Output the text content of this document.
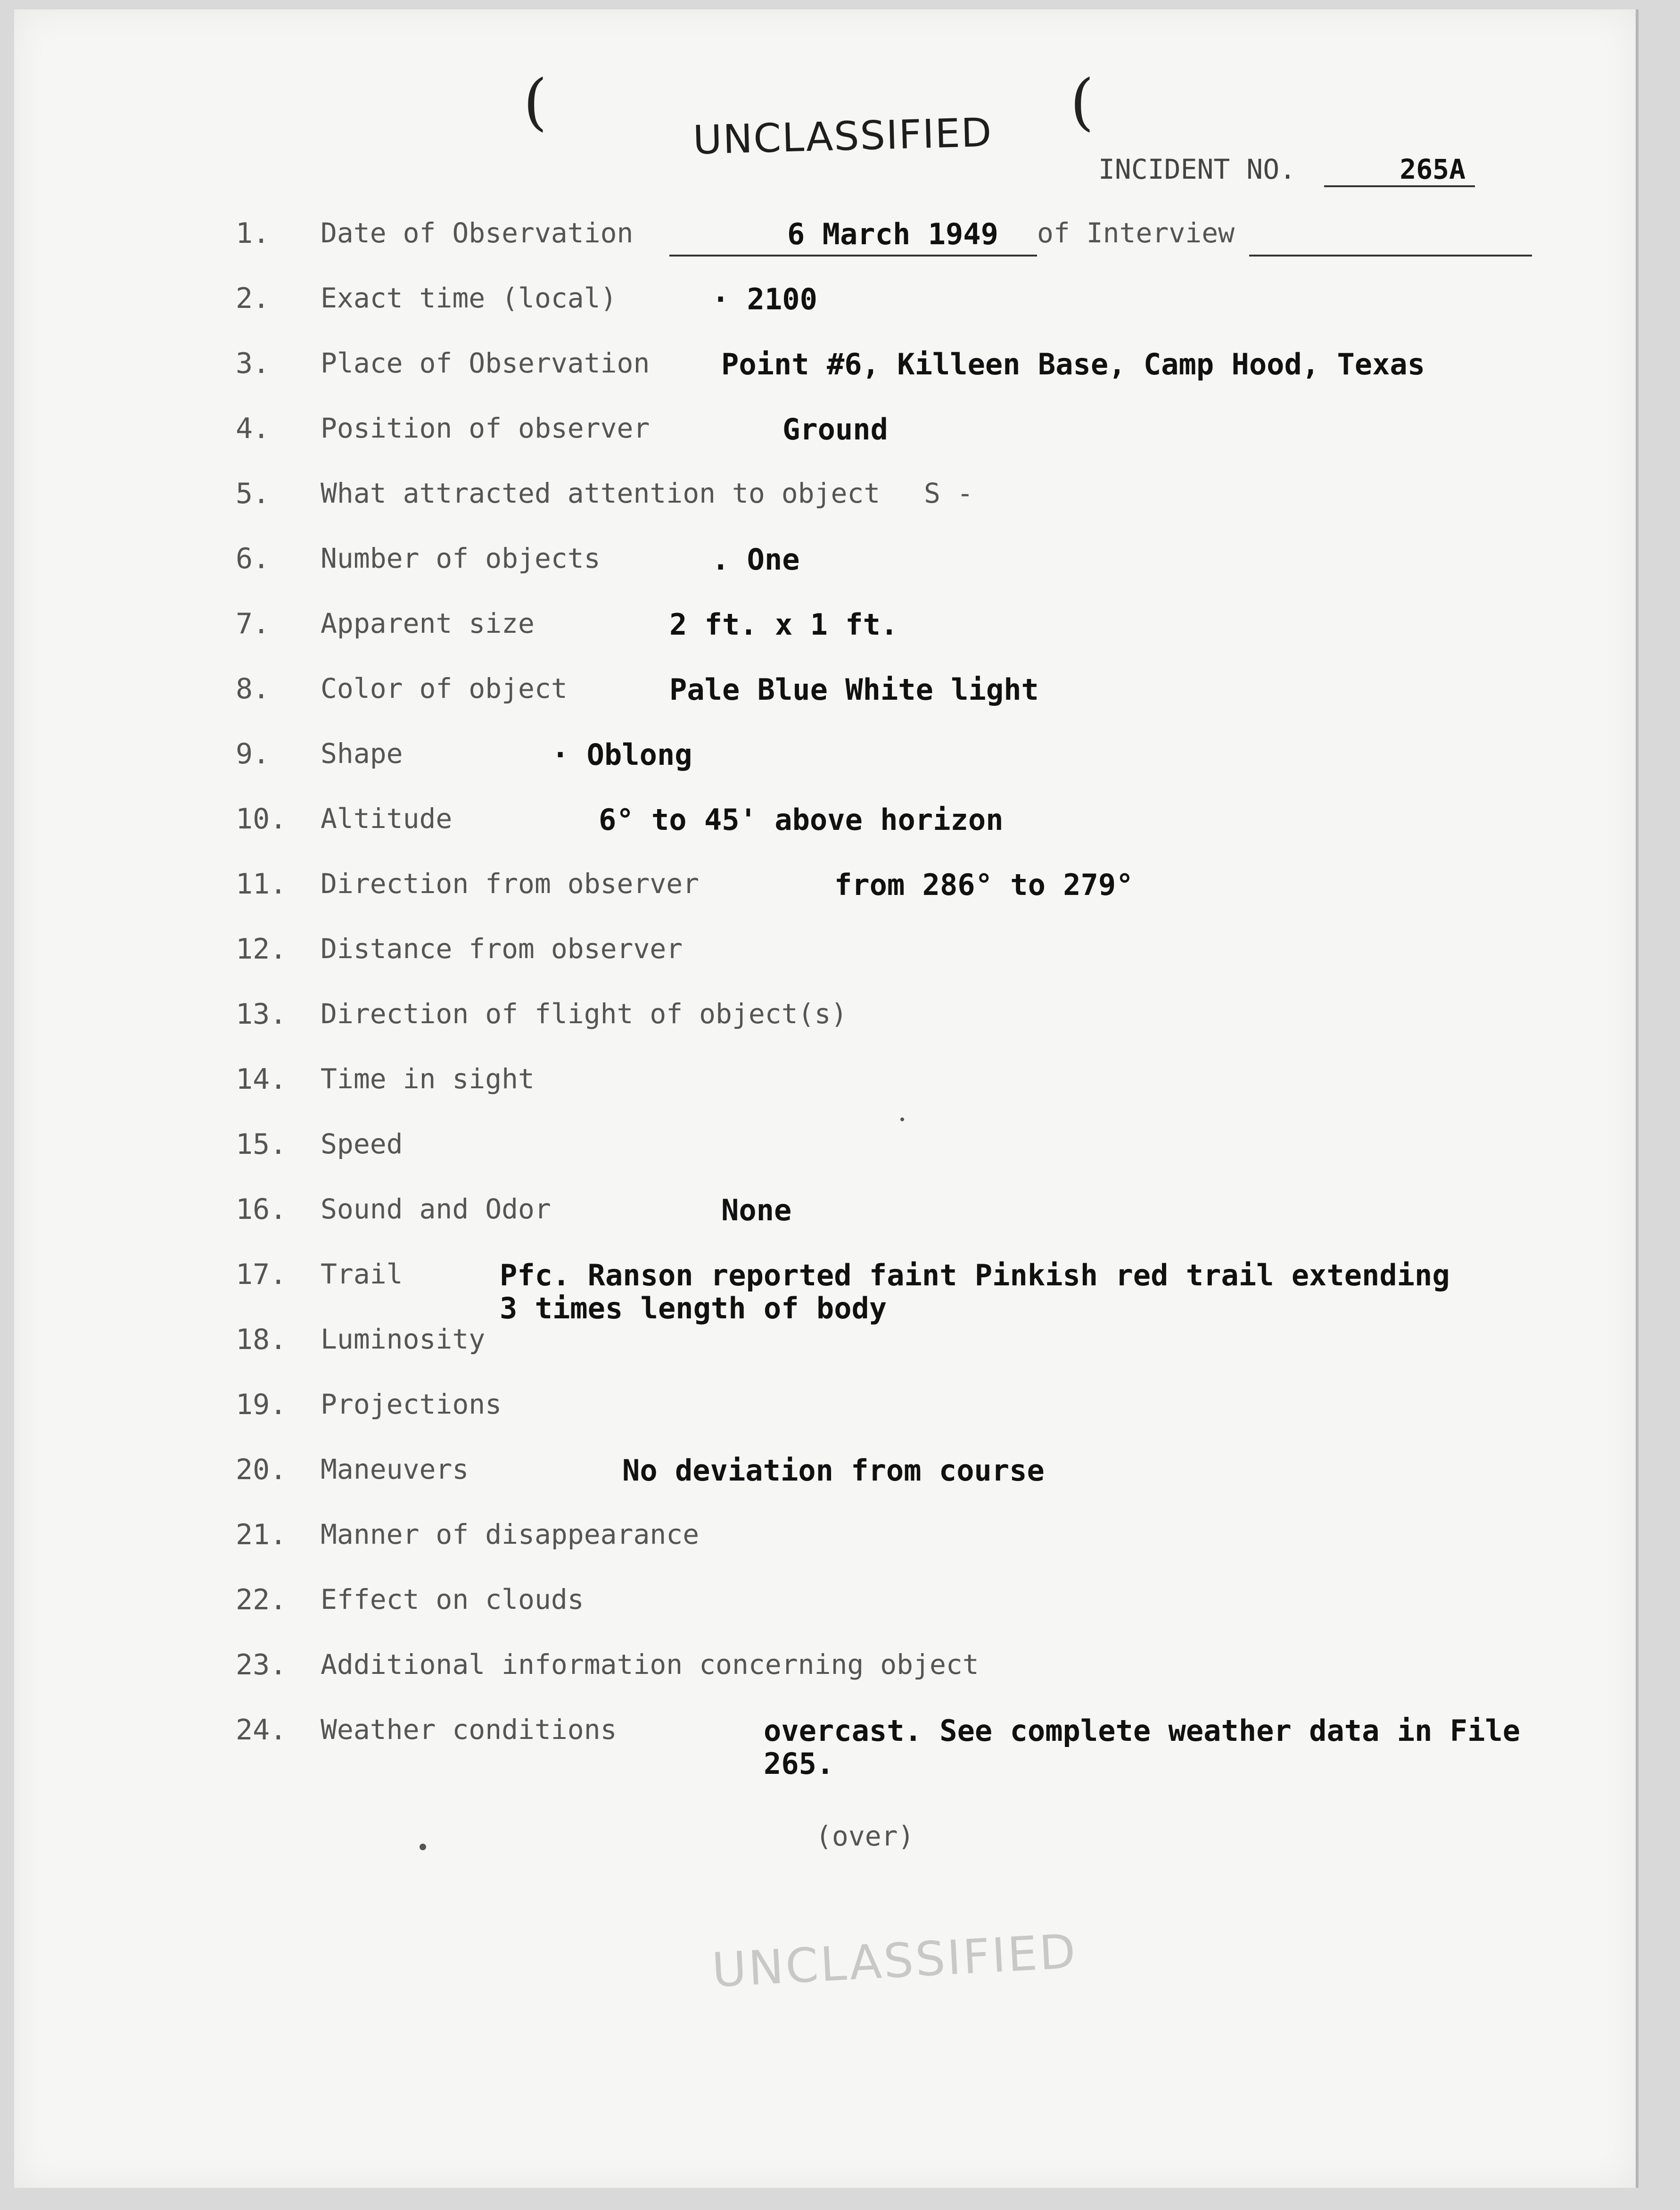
(	(
UNCLASSIFIED
INCIDENT NO.	265A
1.	Date of Observation	6 March 1949 of Interview
2.	Exact time (local)	· 2100
3.	Place of Observation Point #6, Killeen Base, Camp Hood, Texas
4.	Position of observer	Ground
5.	What attracted attention to object S -
6.	Number of objects	. One
7.	Apparent size	2 ft. x 1 ft.
8.	Color of object	Pale Blue White light
9.	Shape	· Oblong
10.	Altitude	6° to 45' above horizon
11.	Direction from observer	from 286° to 279°
12.	Distance from observer
13.	Direction of flight of object(s)
14.	Time in sight
15.	Speed
16.	Sound and Odor	None
17.	Trail	Pfc. Ranson reported faint Pinkish red trail extending
3 times length of body
18.	Luminosity
19.	Projections
20.	Maneuvers	No deviation from course
21.	Manner of disappearance
22.	Effect on clouds
23.	Additional information concerning object
24.	Weather conditions	overcast. See complete weather data in File
265.
(over)
UNCLASSIFIED
